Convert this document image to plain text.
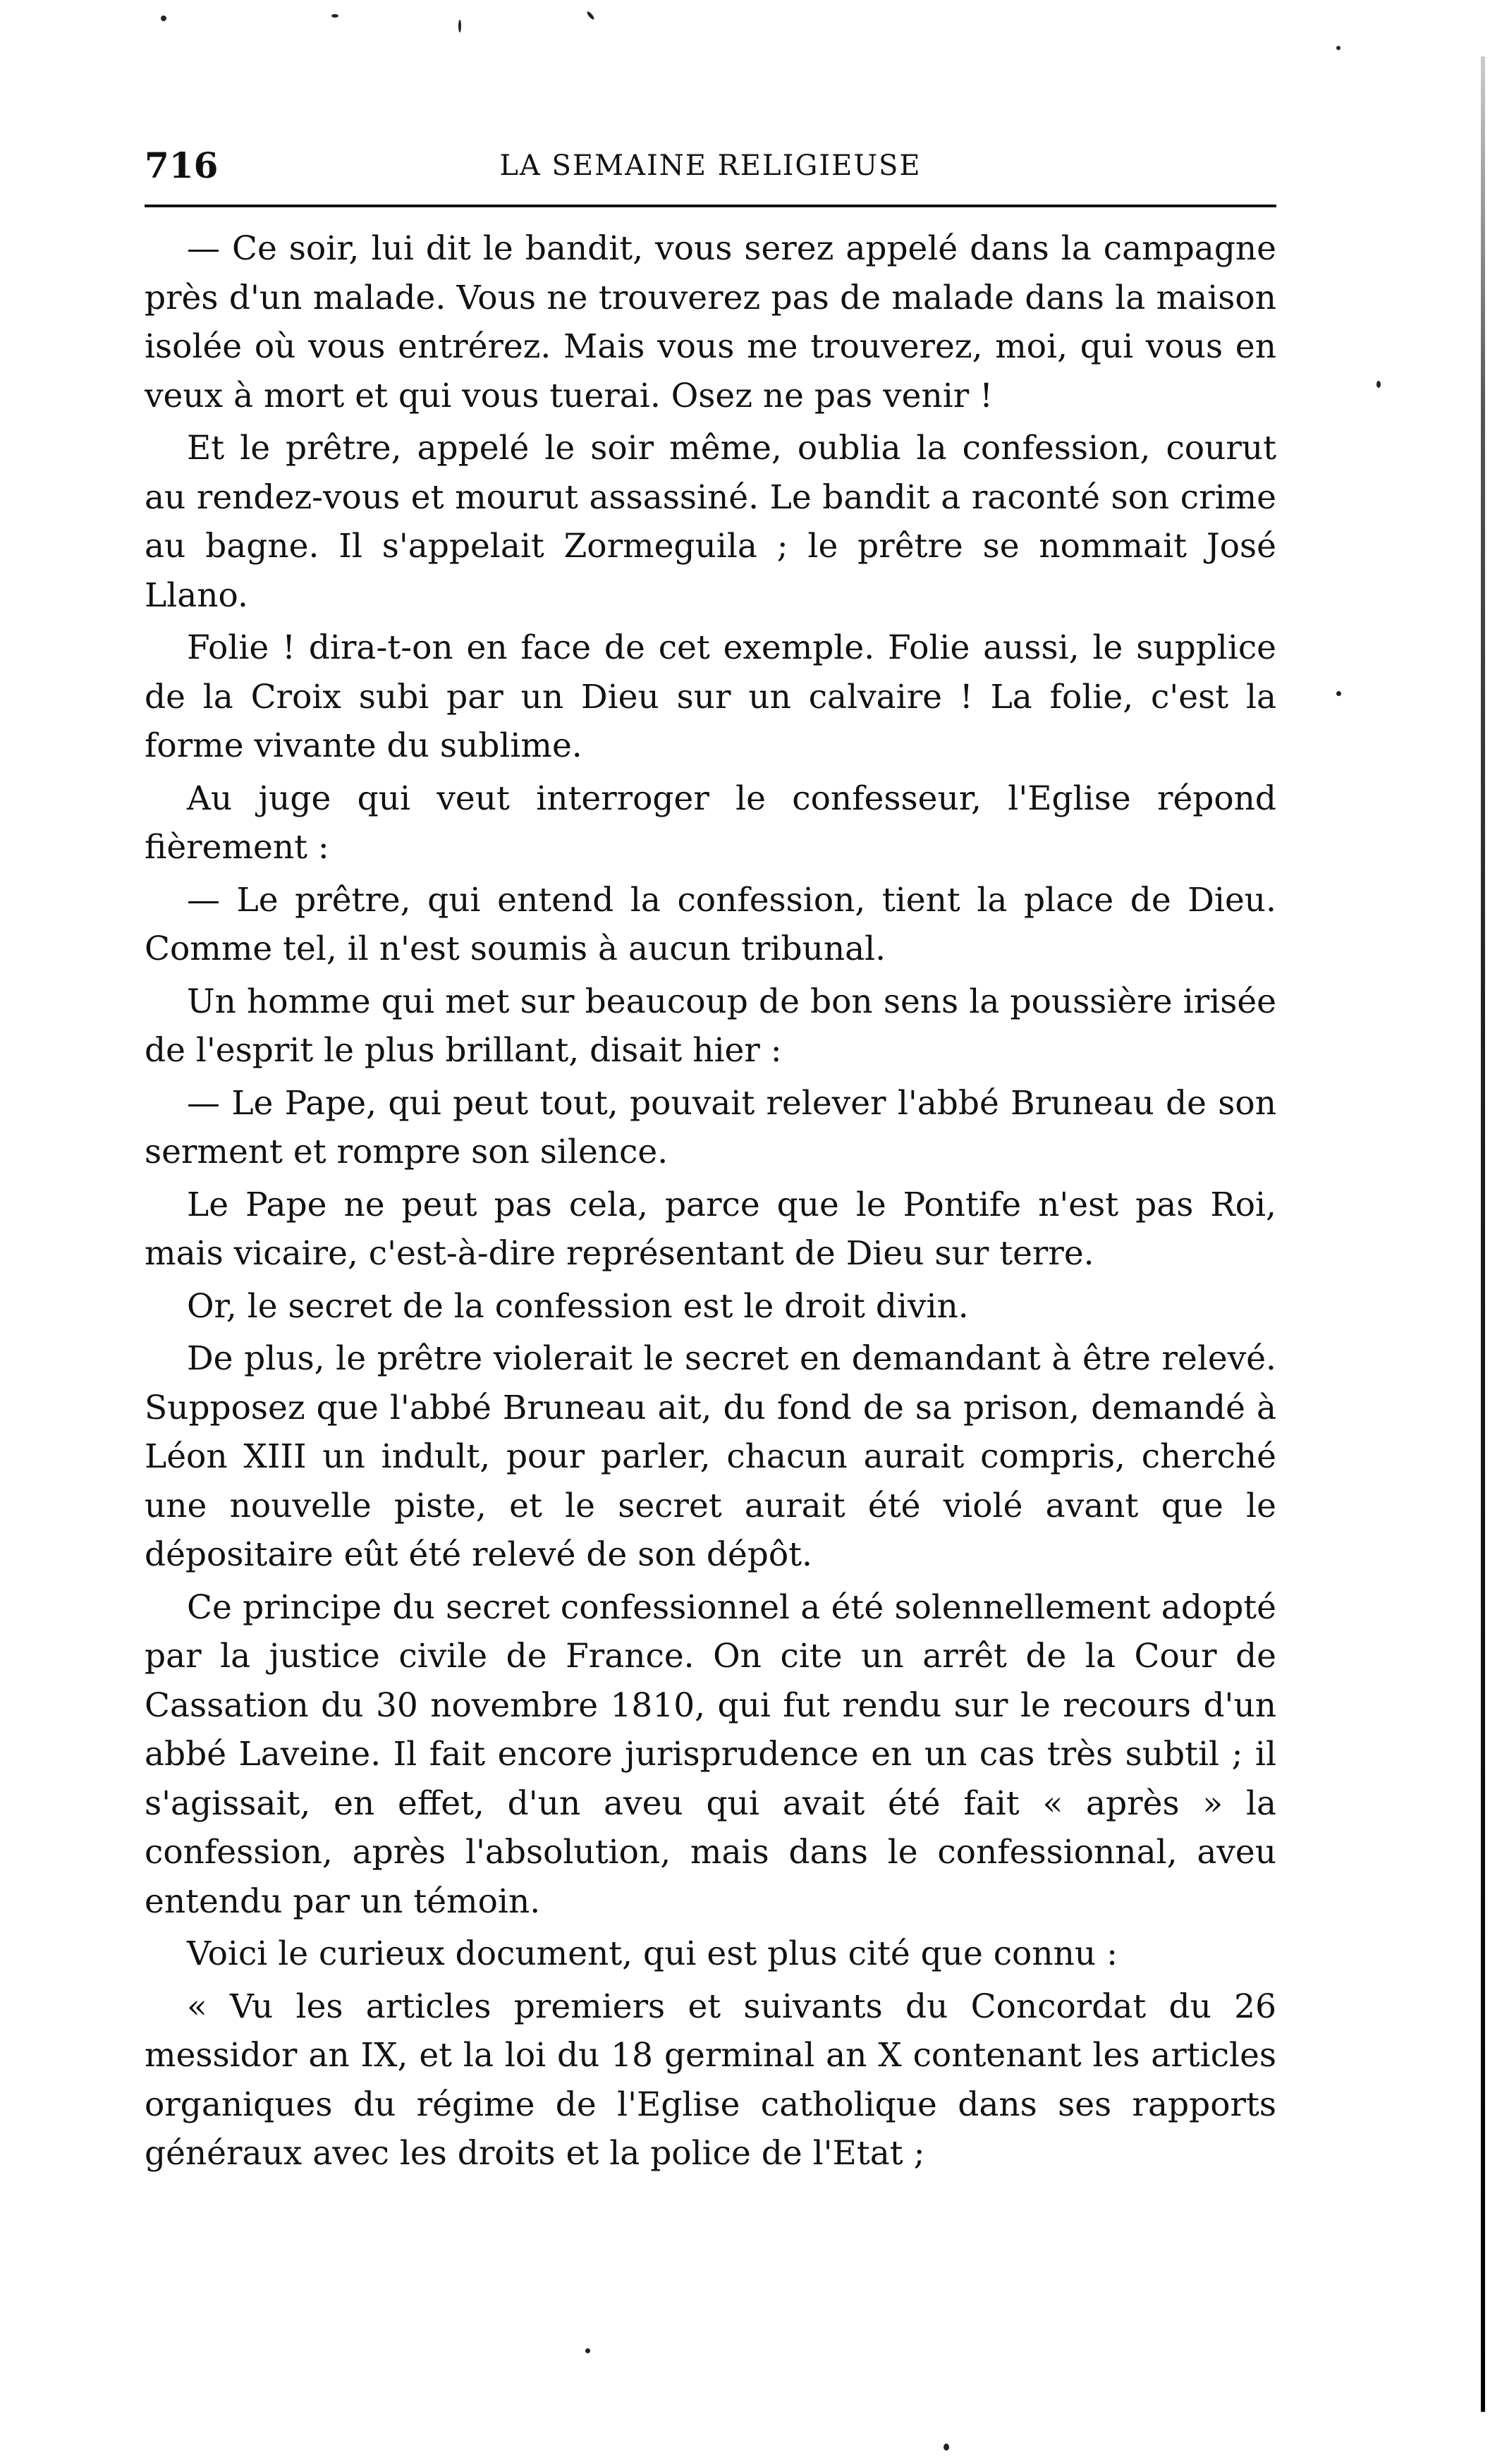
LA SEMAINE RELIGIEUSE
716

— Ce soir, lui dit le bandit, vous serez appelé dans la campagne près d'un malade. Vous ne trouverez pas de malade dans la maison isolée où vous entrérez. Mais vous me trouverez, moi, qui vous en veux à mort et qui vous tuerai. Osez ne pas venir !

Et le prêtre, appelé le soir même, oublia la confession, courut au rendez-vous et mourut assassiné. Le bandit a raconté son crime au bagne. Il s'appelait Zormeguila ; le prêtre se nommait José Llano.

Folie ! dira-t-on en face de cet exemple. Folie aussi, le supplice de la Croix subi par un Dieu sur un calvaire ! La folie, c'est la forme vivante du sublime.

Au juge qui veut interroger le confesseur, l'Eglise répond fièrement :

— Le prêtre, qui entend la confession, tient la place de Dieu. Comme tel, il n'est soumis à aucun tribunal.

Un homme qui met sur beaucoup de bon sens la poussière irisée de l'esprit le plus brillant, disait hier :

— Le Pape, qui peut tout, pouvait relever l'abbé Bruneau de son serment et rompre son silence.

Le Pape ne peut pas cela, parce que le Pontife n'est pas Roi, mais vicaire, c'est-à-dire représentant de Dieu sur terre.

Or, le secret de la confession est le droit divin.

De plus, le prêtre violerait le secret en demandant à être relevé. Supposez que l'abbé Bruneau ait, du fond de sa prison, demandé à Léon XIII un indult, pour parler, chacun aurait compris, cherché une nouvelle piste, et le secret aurait été violé avant que le dépositaire eût été relevé de son dépôt.

Ce principe du secret confessionnel a été solennellement adopté par la justice civile de France. On cite un arrêt de la Cour de Cassation du 30 novembre 1810, qui fut rendu sur le recours d'un abbé Laveine. Il fait encore jurisprudence en un cas très subtil ; il s'agissait, en effet, d'un aveu qui avait été fait « après » la confession, après l'absolution, mais dans le confessionnal, aveu entendu par un témoin.

Voici le curieux document, qui est plus cité que connu :

« Vu les articles premiers et suivants du Concordat du 26 messidor an IX, et la loi du 18 germinal an X contenant les articles organiques du régime de l'Eglise catholique dans ses rapports généraux avec les droits et la police de l'Etat ;
